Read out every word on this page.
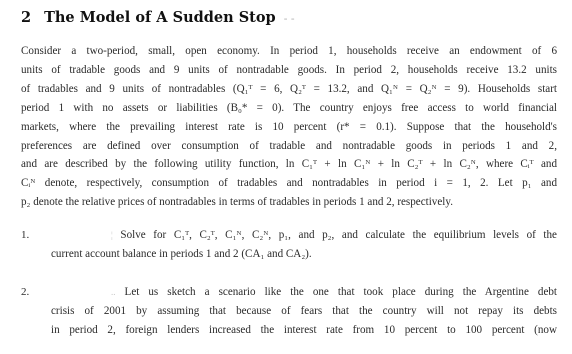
2 The Model of A Sudden Stop - -
Consider a two-period, small, open economy. In period 1, households receive an endowment of 6
units of tradable goods and 9 units of nontradable goods. In period 2, households receive 13.2 units
of tradables and 9 units of nontradables (Q₁ᵀ = 6, Q₂ᵀ = 13.2, and Q₁ᴺ = Q₂ᴺ = 9). Households start
period 1 with no assets or liabilities (B₀* = 0). The country enjoys free access to world financial
markets, where the prevailing interest rate is 10 percent (r* = 0.1). Suppose that the household's
preferences are defined over consumption of tradable and nontradable goods in periods 1 and 2,
and are described by the following utility function, ln C₁ᵀ + ln C₁ᴺ + ln C₂ᵀ + ln C₂ᴺ, where Cᵢᵀ and
Cᵢᴺ denote, respectively, consumption of tradables and nontradables in period i = 1, 2. Let p₁ and
p₂ denote the relative prices of nontradables in terms of tradables in periods 1 and 2, respectively.
1.	¦ Solve for C₁ᵀ, C₂ᵀ, C₁ᴺ, C₂ᴺ, p₁, and p₂, and calculate the equilibrium levels of the
current account balance in periods 1 and 2 (CA₁ and CA₂).
2.	.. Let us sketch a scenario like the one that took place during the Argentine debt
crisis of 2001 by assuming that because of fears that the country will not repay its debts
in period 2, foreign lenders increased the interest rate from 10 percent to 100 percent (now
